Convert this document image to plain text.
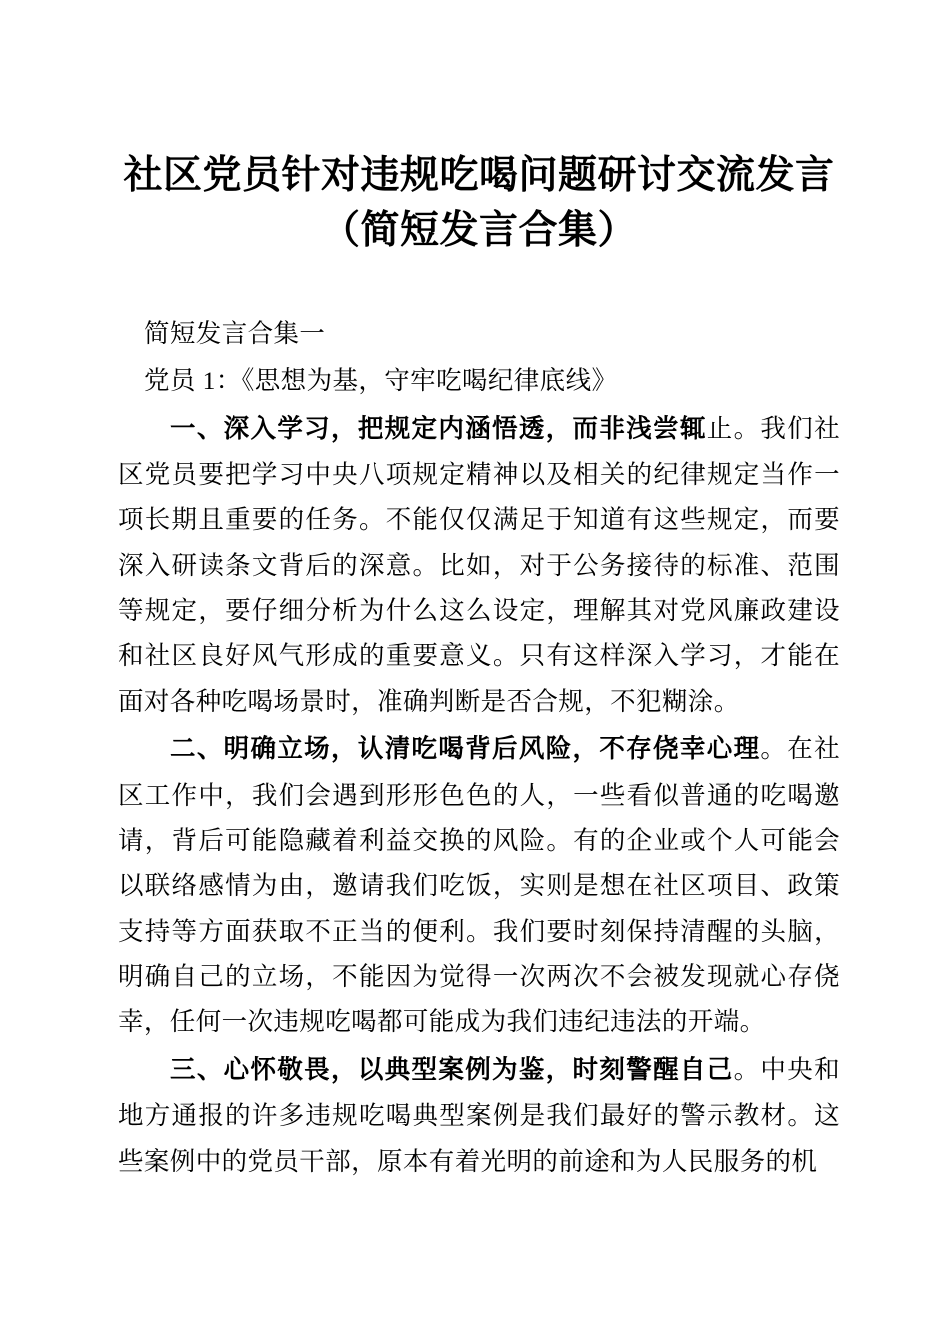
社区党员针对违规吃喝问题研讨交流发言（简短发言合集）

简短发言合集一

党员 1：《思想为基，守牢吃喝纪律底线》

一、深入学习，把规定内涵悟透，而非浅尝辄止。我们社区党员要把学习中央八项规定精神以及相关的纪律规定当作一项长期且重要的任务。不能仅仅满足于知道有这些规定，而要深入研读条文背后的深意。比如，对于公务接待的标准、范围等规定，要仔细分析为什么这么设定，理解其对党风廉政建设和社区良好风气形成的重要意义。只有这样深入学习，才能在面对各种吃喝场景时，准确判断是否合规，不犯糊涂。

二、明确立场，认清吃喝背后风险，不存侥幸心理。在社区工作中，我们会遇到形形色色的人，一些看似普通的吃喝邀请，背后可能隐藏着利益交换的风险。有的企业或个人可能会以联络感情为由，邀请我们吃饭，实则是想在社区项目、政策支持等方面获取不正当的便利。我们要时刻保持清醒的头脑，明确自己的立场，不能因为觉得一次两次不会被发现就心存侥幸，任何一次违规吃喝都可能成为我们违纪违法的开端。

三、心怀敬畏，以典型案例为鉴，时刻警醒自己。中央和地方通报的许多违规吃喝典型案例是我们最好的警示教材。这些案例中的党员干部，原本有着光明的前途和为人民服务的机
